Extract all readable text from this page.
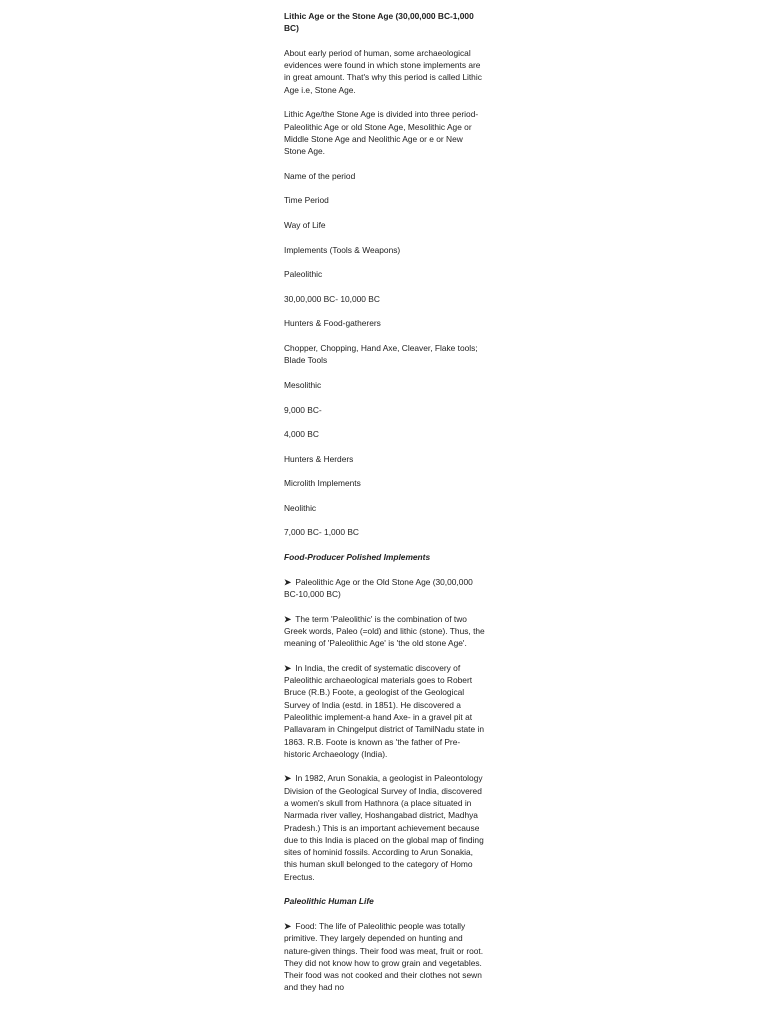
Lithic Age or the Stone Age (30,00,000 BC-1,000 BC)

About early period of human, some archaeological evidences were found in which stone implements are in great amount. That's why this period is called Lithic Age i.e, Stone Age.

Lithic Age/the Stone Age is divided into three period- Paleolithic Age or old Stone Age, Mesolithic Age or Middle Stone Age and Neolithic Age or e or New Stone Age.

Name of the period

Time Period

Way of Life

Implements (Tools & Weapons)

Paleolithic

30,00,000 BC- 10,000 BC

Hunters & Food-gatherers

Chopper, Chopping, Hand Axe, Cleaver, Flake tools; Blade Tools

Mesolithic

9,000 BC-

4,000 BC

Hunters & Herders

Microlith Implements

Neolithic

7,000 BC- 1,000 BC

Food-Producer Polished Implements

➤ Paleolithic Age or the Old Stone Age (30,00,000 BC-10,000 BC)

➤ The term 'Paleolithic' is the combination of two Greek words, Paleo (=old) and lithic (stone). Thus, the meaning of 'Paleolithic Age' is 'the old stone Age'.

➤ In India, the credit of systematic discovery of Paleolithic archaeological materials goes to Robert Bruce (R.B.) Foote, a geologist of the Geological Survey of India (estd. in 1851). He discovered a Paleolithic implement-a hand Axe- in a gravel pit at Pallavaram in Chingelput district of TamilNadu state in 1863. R.B. Foote is known as 'the father of Pre-historic Archaeology (India).

➤ In 1982, Arun Sonakia, a geologist in Paleontology Division of the Geological Survey of India, discovered a women's skull from Hathnora (a place situated in Narmada river valley, Hoshangabad district, Madhya Pradesh.) This is an important achievement because due to this India is placed on the global map of finding sites of hominid fossils. According to Arun Sonakia, this human skull belonged to the category of Homo Erectus.

Paleolithic Human Life

➤ Food: The life of Paleolithic people was totally primitive. They largely depended on hunting and nature-given things. Their food was meat, fruit or root. They did not know how to grow grain and vegetables. Their food was not cooked and their clothes not sewn and they had no
